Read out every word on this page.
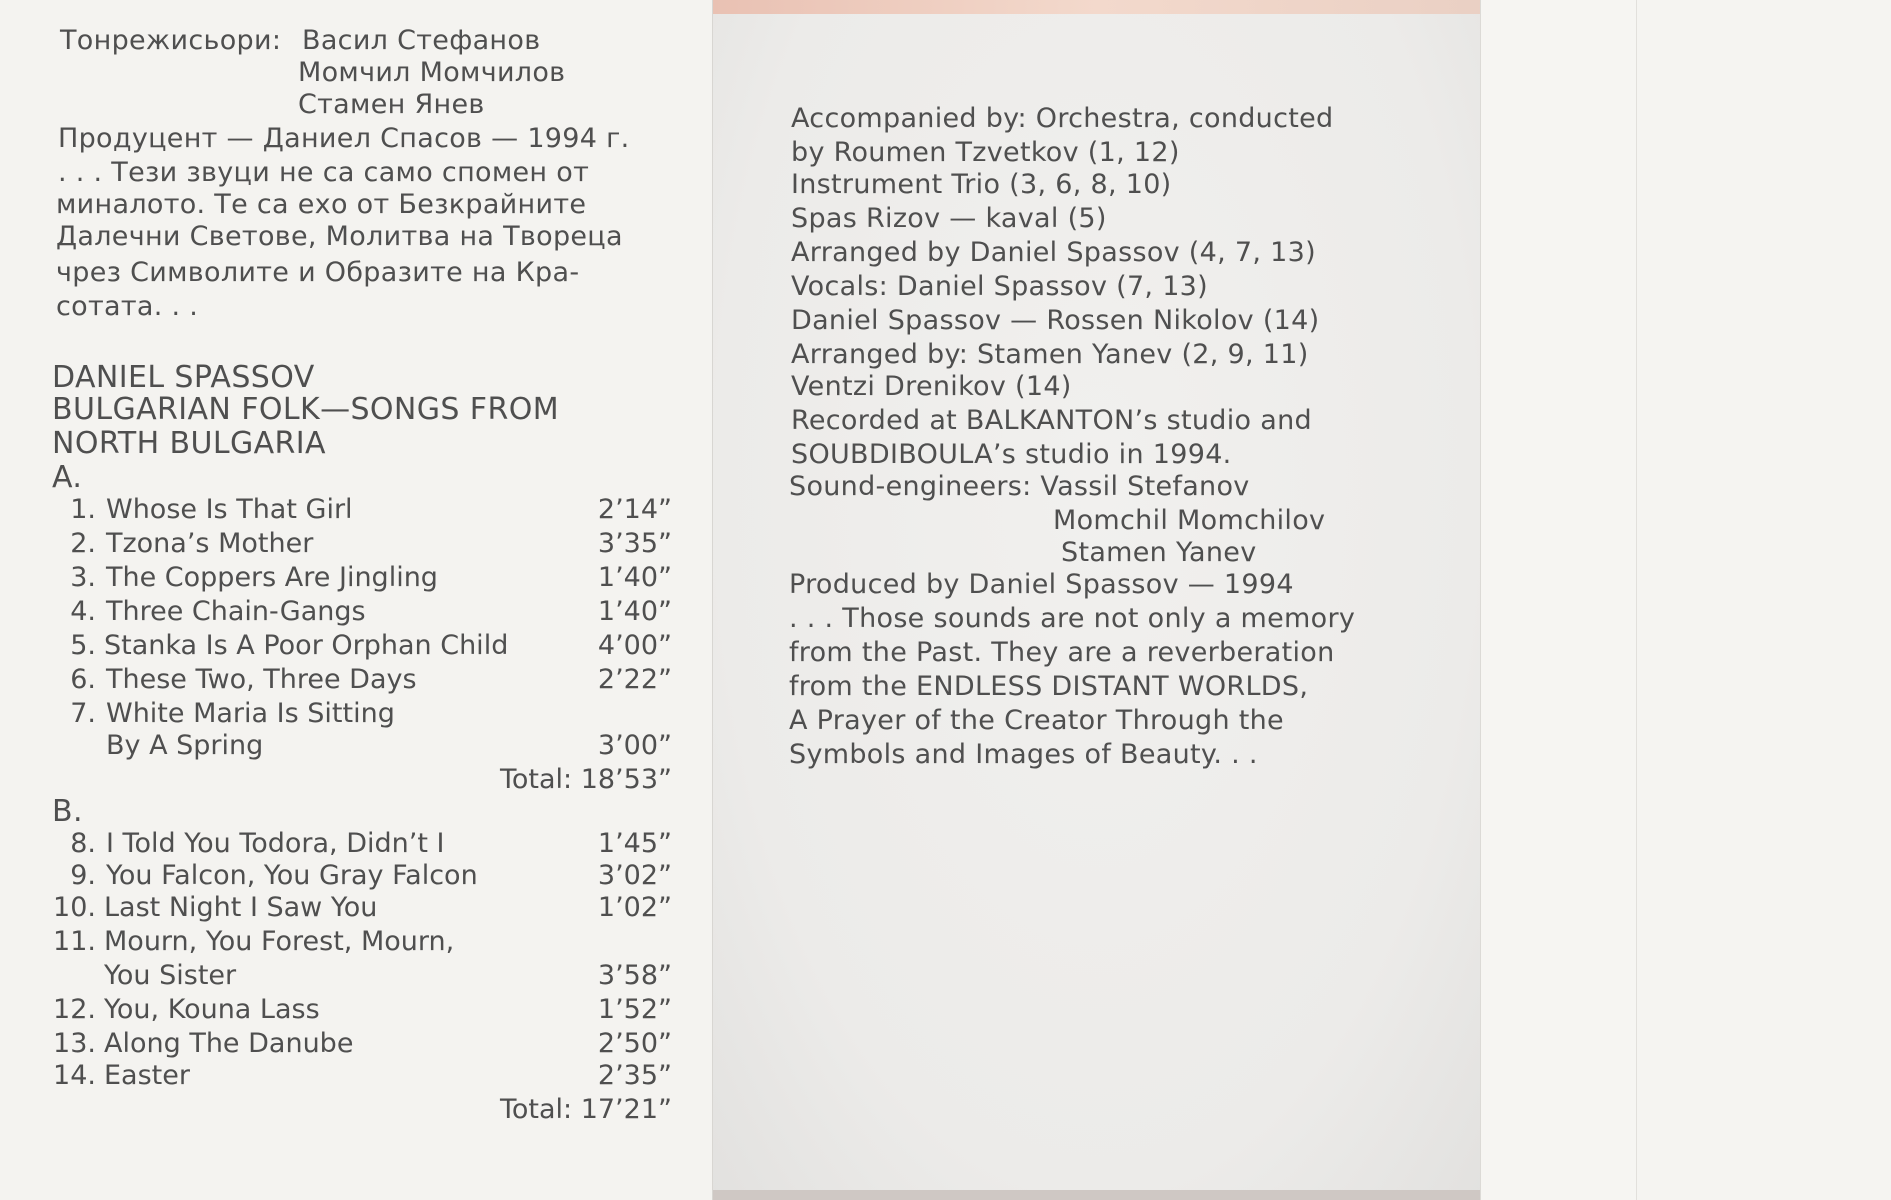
Тонрежисьори: Васил Стефанов
Момчил Момчилов
Стамен Янев
Продуцент — Даниел Спасов — 1994 г.
. . . Тези звуци не са само спомен от
миналото. Те са ехо от Безкрайните
Далечни Светове, Молитва на Твореца
чрез Символите и Образите на Кра-
сотата. . .
DANIEL SPASSOV
BULGARIAN FOLK—SONGS FROM
NORTH BULGARIA
A.
1. Whose Is That Girl	2’14”
2. Tzona’s Mother	3’35”
3. The Coppers Are Jingling	1’40”
4. Three Chain-Gangs	1’40”
5. Stanka Is A Poor Orphan Child	4’00”
6. These Two, Three Days	2’22”
7. White Maria Is Sitting
By A Spring	3’00”
Total: 18’53”
B.
8. I Told You Todora, Didn’t I	1’45”
9. You Falcon, You Gray Falcon	3’02”
10. Last Night I Saw You	1’02”
11. Mourn, You Forest, Mourn,
You Sister	3’58”
12. You, Kouna Lass	1’52”
13. Along The Danube	2’50”
14. Easter	2’35”
Total: 17’21”
Accompanied by: Orchestra, conducted
by Roumen Tzvetkov (1, 12)
Instrument Trio (3, 6, 8, 10)
Spas Rizov — kaval (5)
Arranged by Daniel Spassov (4, 7, 13)
Vocals: Daniel Spassov (7, 13)
Daniel Spassov — Rossen Nikolov (14)
Arranged by: Stamen Yanev (2, 9, 11)
Ventzi Drenikov (14)
Recorded at BALKANTON’s studio and
SOUBDIBOULA’s studio in 1994.
Sound-engineers: Vassil Stefanov
Momchil Momchilov
Stamen Yanev
Produced by Daniel Spassov — 1994
. . . Those sounds are not only a memory
from the Past. They are a reverberation
from the ENDLESS DISTANT WORLDS,
A Prayer of the Creator Through the
Symbols and Images of Beauty. . .
